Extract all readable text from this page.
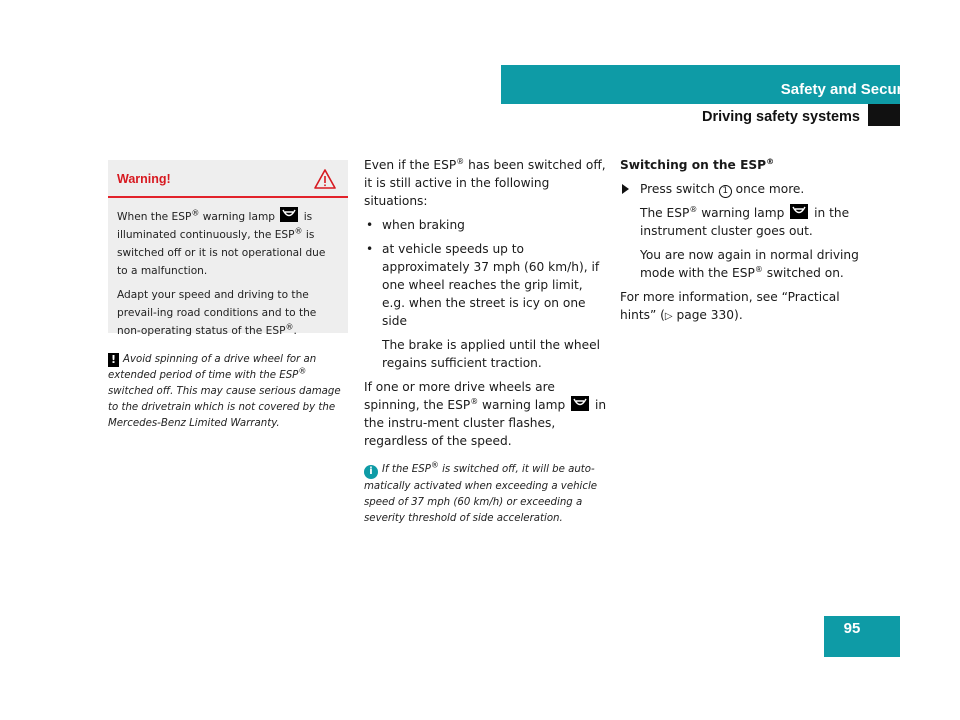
Safety and Security
Driving safety systems
Warning!

When the ESP® warning lamp
is illuminated continuously, the ESP® is switched off or it is not operational due to a malfunction.

Adapt your speed and driving to the prevail-ing road conditions and to the non-operating status of the ESP®.

! Avoid spinning of a drive wheel for an extended period of time with the ESP® switched off. This may cause serious damage to the drivetrain which is not covered by the Mercedes-Benz Limited Warranty.

Even if the ESP® has been switched off, it is still active in the following situations:

• when braking
• at vehicle speeds up to approximately 37 mph (60 km/h), if one wheel reaches the grip limit, e.g. when the street is icy on one side
The brake is applied until the wheel regains sufficient traction.

If one or more drive wheels are spinning, the ESP® warning lamp
in the instru-ment cluster flashes, regardless of the speed.

i If the ESP® is switched off, it will be auto-matically activated when exceeding a vehicle speed of 37 mph (60 km/h) or exceeding a severity threshold of side acceleration.

Switching on the ESP®

Press switch 1 once more.

The ESP® warning lamp
in the instrument cluster goes out.

You are now again in normal driving mode with the ESP® switched on.

For more information, see “Practical hints” (▷ page 330).

95
